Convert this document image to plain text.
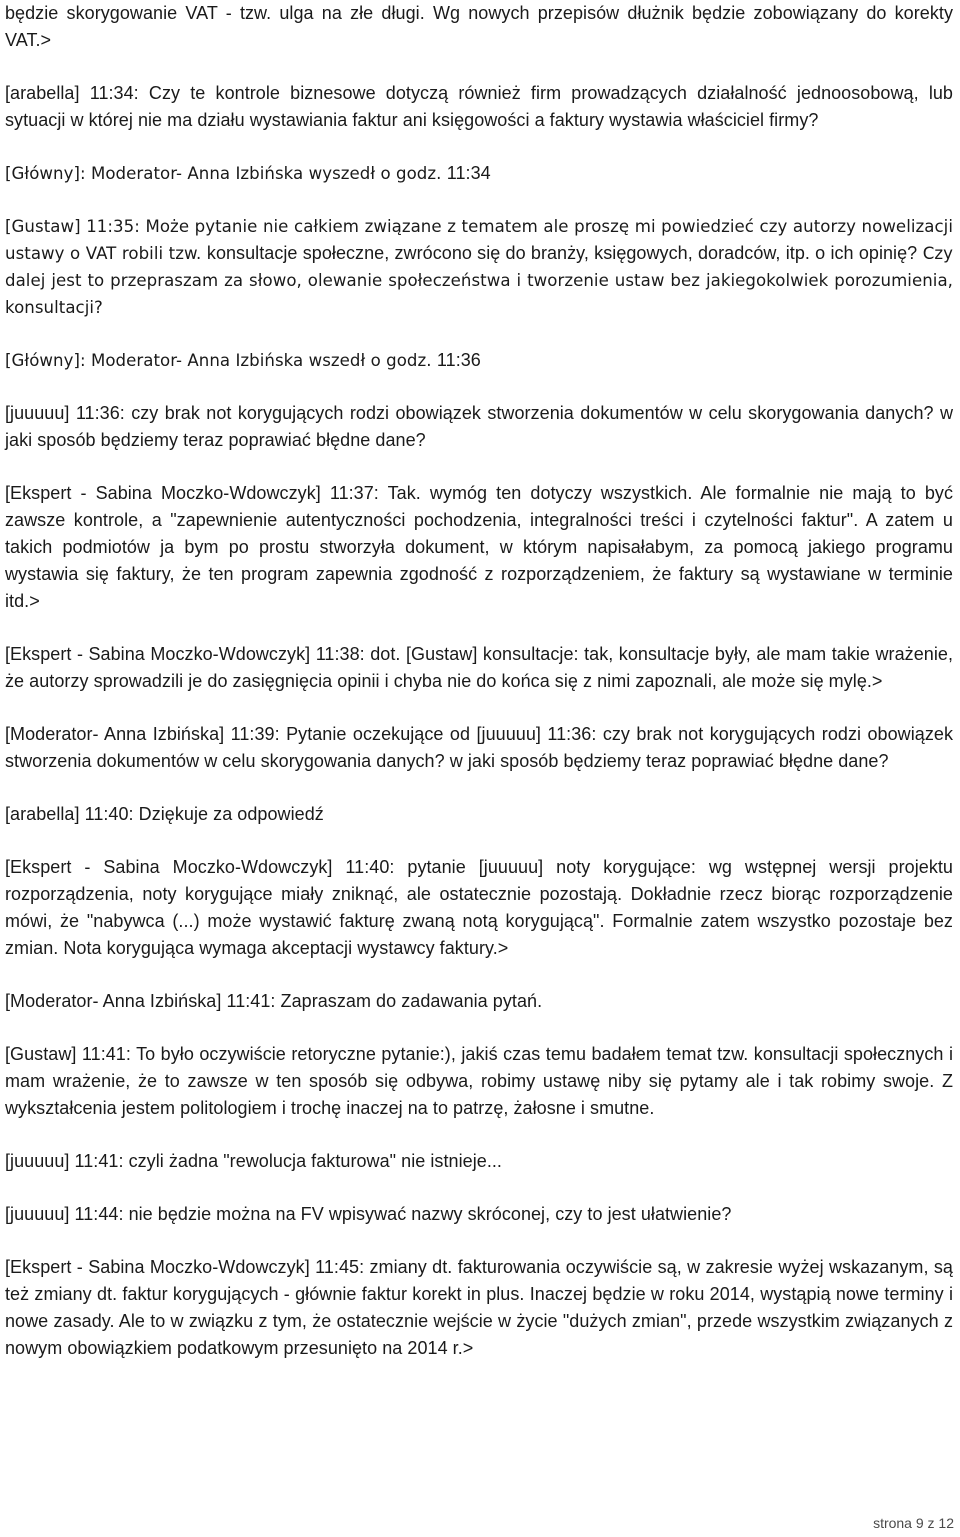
będzie skorygowanie VAT - tzw. ulga na złe długi. Wg nowych przepisów dłużnik będzie zobowiązany do korekty VAT.>

[arabella] 11:34: Czy te kontrole biznesowe dotyczą również firm prowadzących działalność jednoosobową, lub sytuacji w której nie ma działu wystawiania faktur ani księgowości a faktury wystawia właściciel firmy?

[Główny]: Moderator- Anna Izbińska wyszedł o godz. 11:34

[Gustaw] 11:35: Może pytanie nie całkiem związane z tematem ale proszę mi powiedzieć czy autorzy nowelizacji ustawy o VAT robili tzw. konsultacje społeczne, zwrócono się do branży, księgowych, doradców, itp. o ich opinię? Czy dalej jest to przepraszam za słowo, olewanie społeczeństwa i tworzenie ustaw bez jakiegokolwiek porozumienia, konsultacji?

[Główny]: Moderator- Anna Izbińska wszedł o godz. 11:36

[juuuuu] 11:36: czy brak not korygujących rodzi obowiązek stworzenia dokumentów w celu skorygowania danych? w jaki sposób będziemy teraz poprawiać błędne dane?

[Ekspert - Sabina Moczko-Wdowczyk] 11:37: Tak. wymóg ten dotyczy wszystkich. Ale formalnie nie mają to być zawsze kontrole, a "zapewnienie autentyczności pochodzenia, integralności treści i czytelności faktur". A zatem u takich podmiotów ja bym po prostu stworzyła dokument, w którym napisałabym, za pomocą jakiego programu wystawia się faktury, że ten program zapewnia zgodność z rozporządzeniem, że faktury są wystawiane w terminie itd.>

[Ekspert - Sabina Moczko-Wdowczyk] 11:38: dot. [Gustaw] konsultacje: tak, konsultacje były, ale mam takie wrażenie, że autorzy sprowadzili je do zasięgnięcia opinii i chyba nie do końca się z nimi zapoznali, ale może się mylę.>

[Moderator- Anna Izbińska] 11:39: Pytanie oczekujące od [juuuuu] 11:36: czy brak not korygujących rodzi obowiązek stworzenia dokumentów w celu skorygowania danych? w jaki sposób będziemy teraz poprawiać błędne dane?

[arabella] 11:40: Dziękuje za odpowiedź

[Ekspert - Sabina Moczko-Wdowczyk] 11:40: pytanie [juuuuu] noty korygujące: wg wstępnej wersji projektu rozporządzenia, noty korygujące miały zniknąć, ale ostatecznie pozostają. Dokładnie rzecz biorąc rozporządzenie mówi, że "nabywca (...) może wystawić fakturę zwaną notą korygującą". Formalnie zatem wszystko pozostaje bez zmian. Nota korygująca wymaga akceptacji wystawcy faktury.>

[Moderator- Anna Izbińska] 11:41: Zapraszam do zadawania pytań.

[Gustaw] 11:41: To było oczywiście retoryczne pytanie:), jakiś czas temu badałem temat tzw. konsultacji społecznych i mam wrażenie, że to zawsze w ten sposób się odbywa, robimy ustawę niby się pytamy ale i tak robimy swoje. Z wykształcenia jestem politologiem i trochę inaczej na to patrzę, żałosne i smutne.

[juuuuu] 11:41: czyli żadna "rewolucja fakturowa" nie istnieje...

[juuuuu] 11:44: nie będzie można na FV wpisywać nazwy skróconej, czy to jest ułatwienie?

[Ekspert - Sabina Moczko-Wdowczyk] 11:45: zmiany dt. fakturowania oczywiście są, w zakresie wyżej wskazanym, są też zmiany dt. faktur korygujących - głównie faktur korekt in plus. Inaczej będzie w roku 2014, wystąpią nowe terminy i nowe zasady. Ale to w związku z tym, że ostatecznie wejście w życie "dużych zmian", przede wszystkim związanych z nowym obowiązkiem podatkowym przesunięto na 2014 r.>

strona 9 z 12
